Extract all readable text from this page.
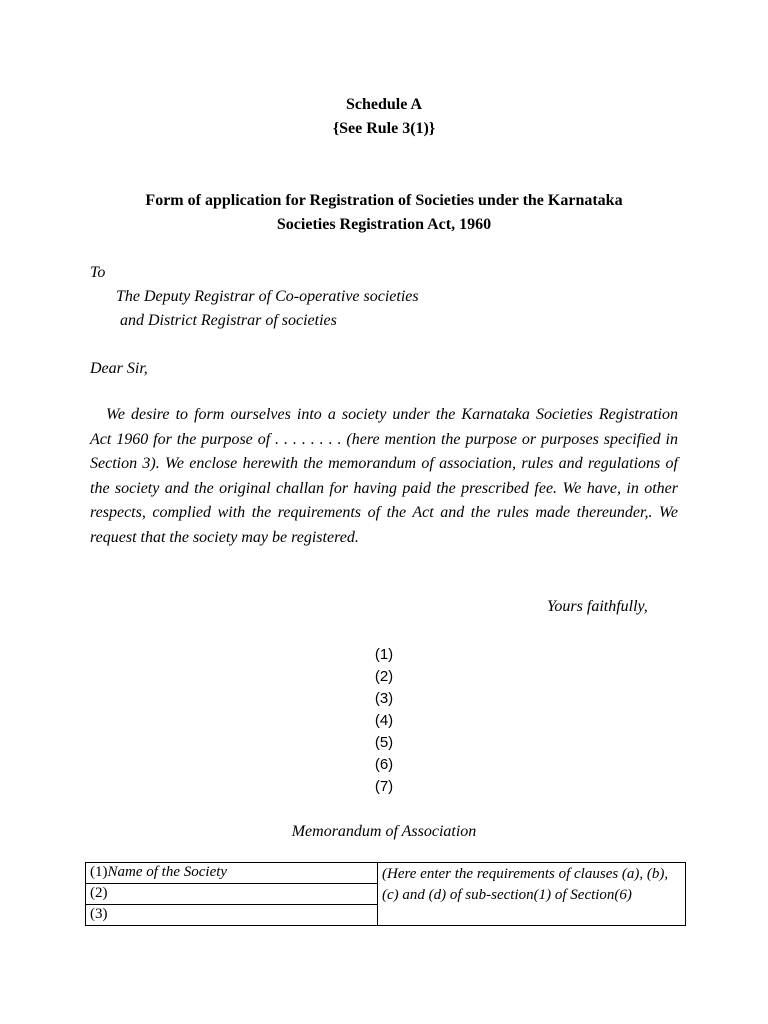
Schedule A
{See Rule 3(1)}
Form of application for Registration of Societies under the Karnataka
Societies Registration Act, 1960
To
The Deputy Registrar of Co-operative societies
and District Registrar of societies
Dear Sir,
We desire to form ourselves into a society under the Karnataka Societies Registration Act 1960 for the purpose of . . . . . . . . (here mention the purpose or purposes specified in Section 3). We enclose herewith the memorandum of association, rules and regulations of the society and the original challan for having paid the prescribed fee. We have, in other respects, complied with the requirements of the Act and the rules made thereunder,. We request that the society may be registered.
Yours faithfully,
(1)
(2)
(3)
(4)
(5)
(6)
(7)
Memorandum of Association
(1)Name of the Society	(Here enter the requirements of clauses (a), (b), (c) and (d) of sub-section(1) of Section(6)
(2)
(3)
